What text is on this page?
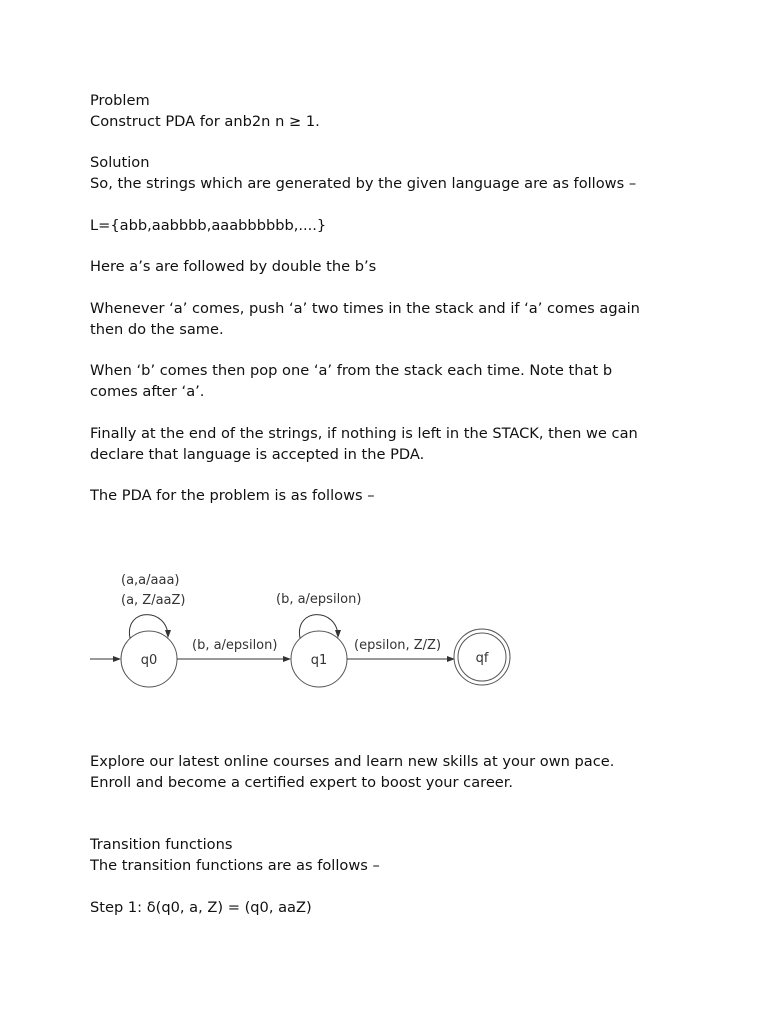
Problem
Construct PDA for anb2n n ≥ 1.
Solution
So, the strings which are generated by the given language are as follows –
L={abb,aabbbb,aaabbbbbb,....}
Here a’s are followed by double the b’s
Whenever ‘a’ comes, push ‘a’ two times in the stack and if ‘a’ comes again
then do the same.
When ‘b’ comes then pop one ‘a’ from the stack each time. Note that b
comes after ‘a’.
Finally at the end of the strings, if nothing is left in the STACK, then we can
declare that language is accepted in the PDA.
The PDA for the problem is as follows –
q0
(a,a/aaa)
(a, Z/aaZ)
(b, a/epsilon)
q1
(b, a/epsilon)
(epsilon, Z/Z)
qf
Explore our latest online courses and learn new skills at your own pace.
Enroll and become a certified expert to boost your career.
Transition functions
The transition functions are as follows –
Step 1: δ(q0, a, Z) = (q0, aaZ)
